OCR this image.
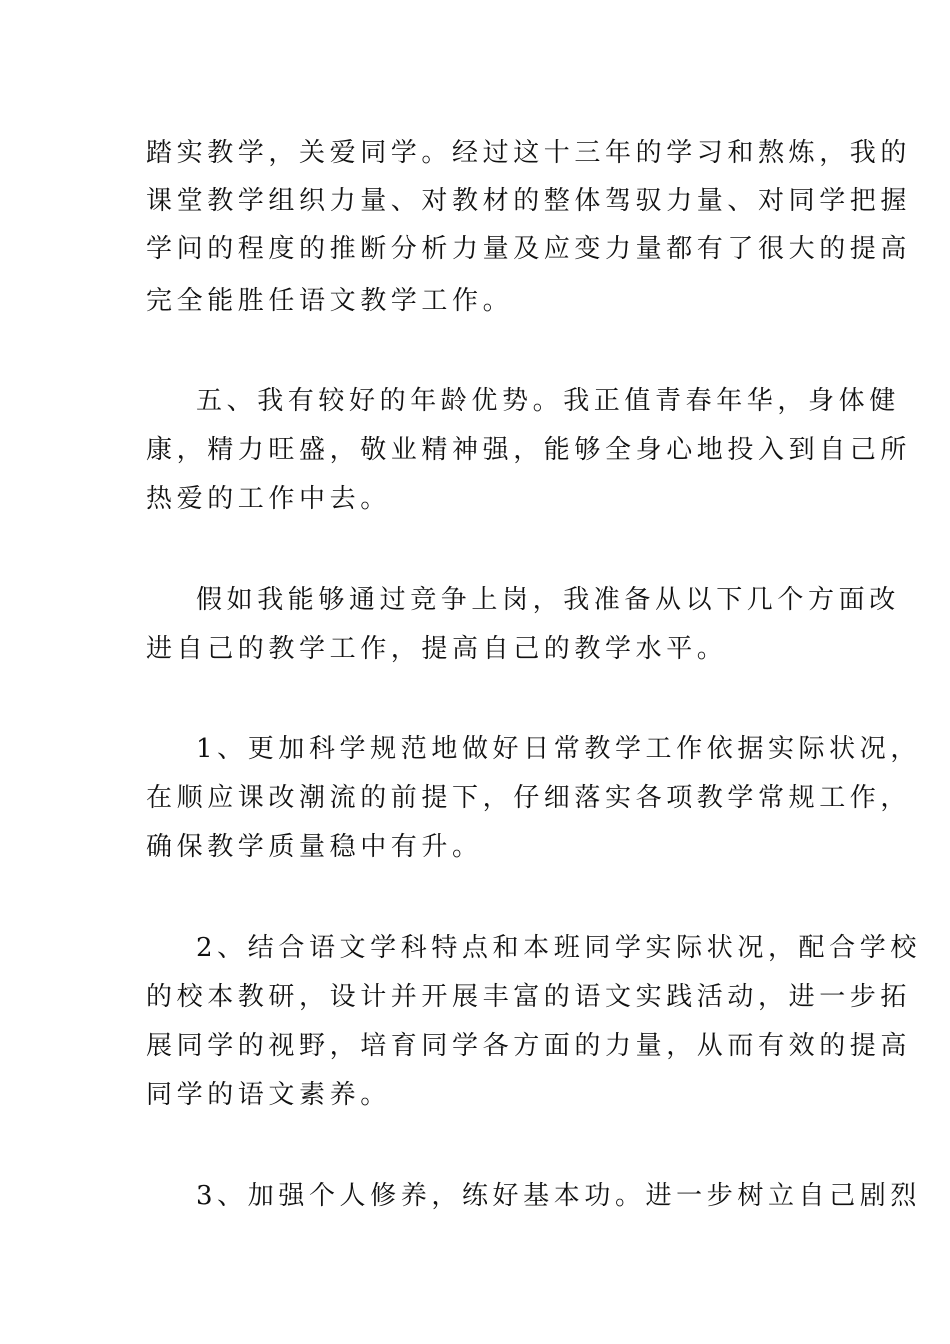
踏实教学，关爱同学。经过这十三年的学习和熬炼，我的
课堂教学组织力量、对教材的整体驾驭力量、对同学把握
学问的程度的推断分析力量及应变力量都有了很大的提高
完全能胜任语文教学工作。
五、我有较好的年龄优势。我正值青春年华，身体健
康，精力旺盛，敬业精神强，能够全身心地投入到自己所
热爱的工作中去。
假如我能够通过竞争上岗，我准备从以下几个方面改
进自己的教学工作，提高自己的教学水平。
1、更加科学规范地做好日常教学工作依据实际状况，
在顺应课改潮流的前提下，仔细落实各项教学常规工作，
确保教学质量稳中有升。
2、结合语文学科特点和本班同学实际状况，配合学校
的校本教研，设计并开展丰富的语文实践活动，进一步拓
展同学的视野，培育同学各方面的力量，从而有效的提高
同学的语文素养。
3、加强个人修养，练好基本功。进一步树立自己剧烈
